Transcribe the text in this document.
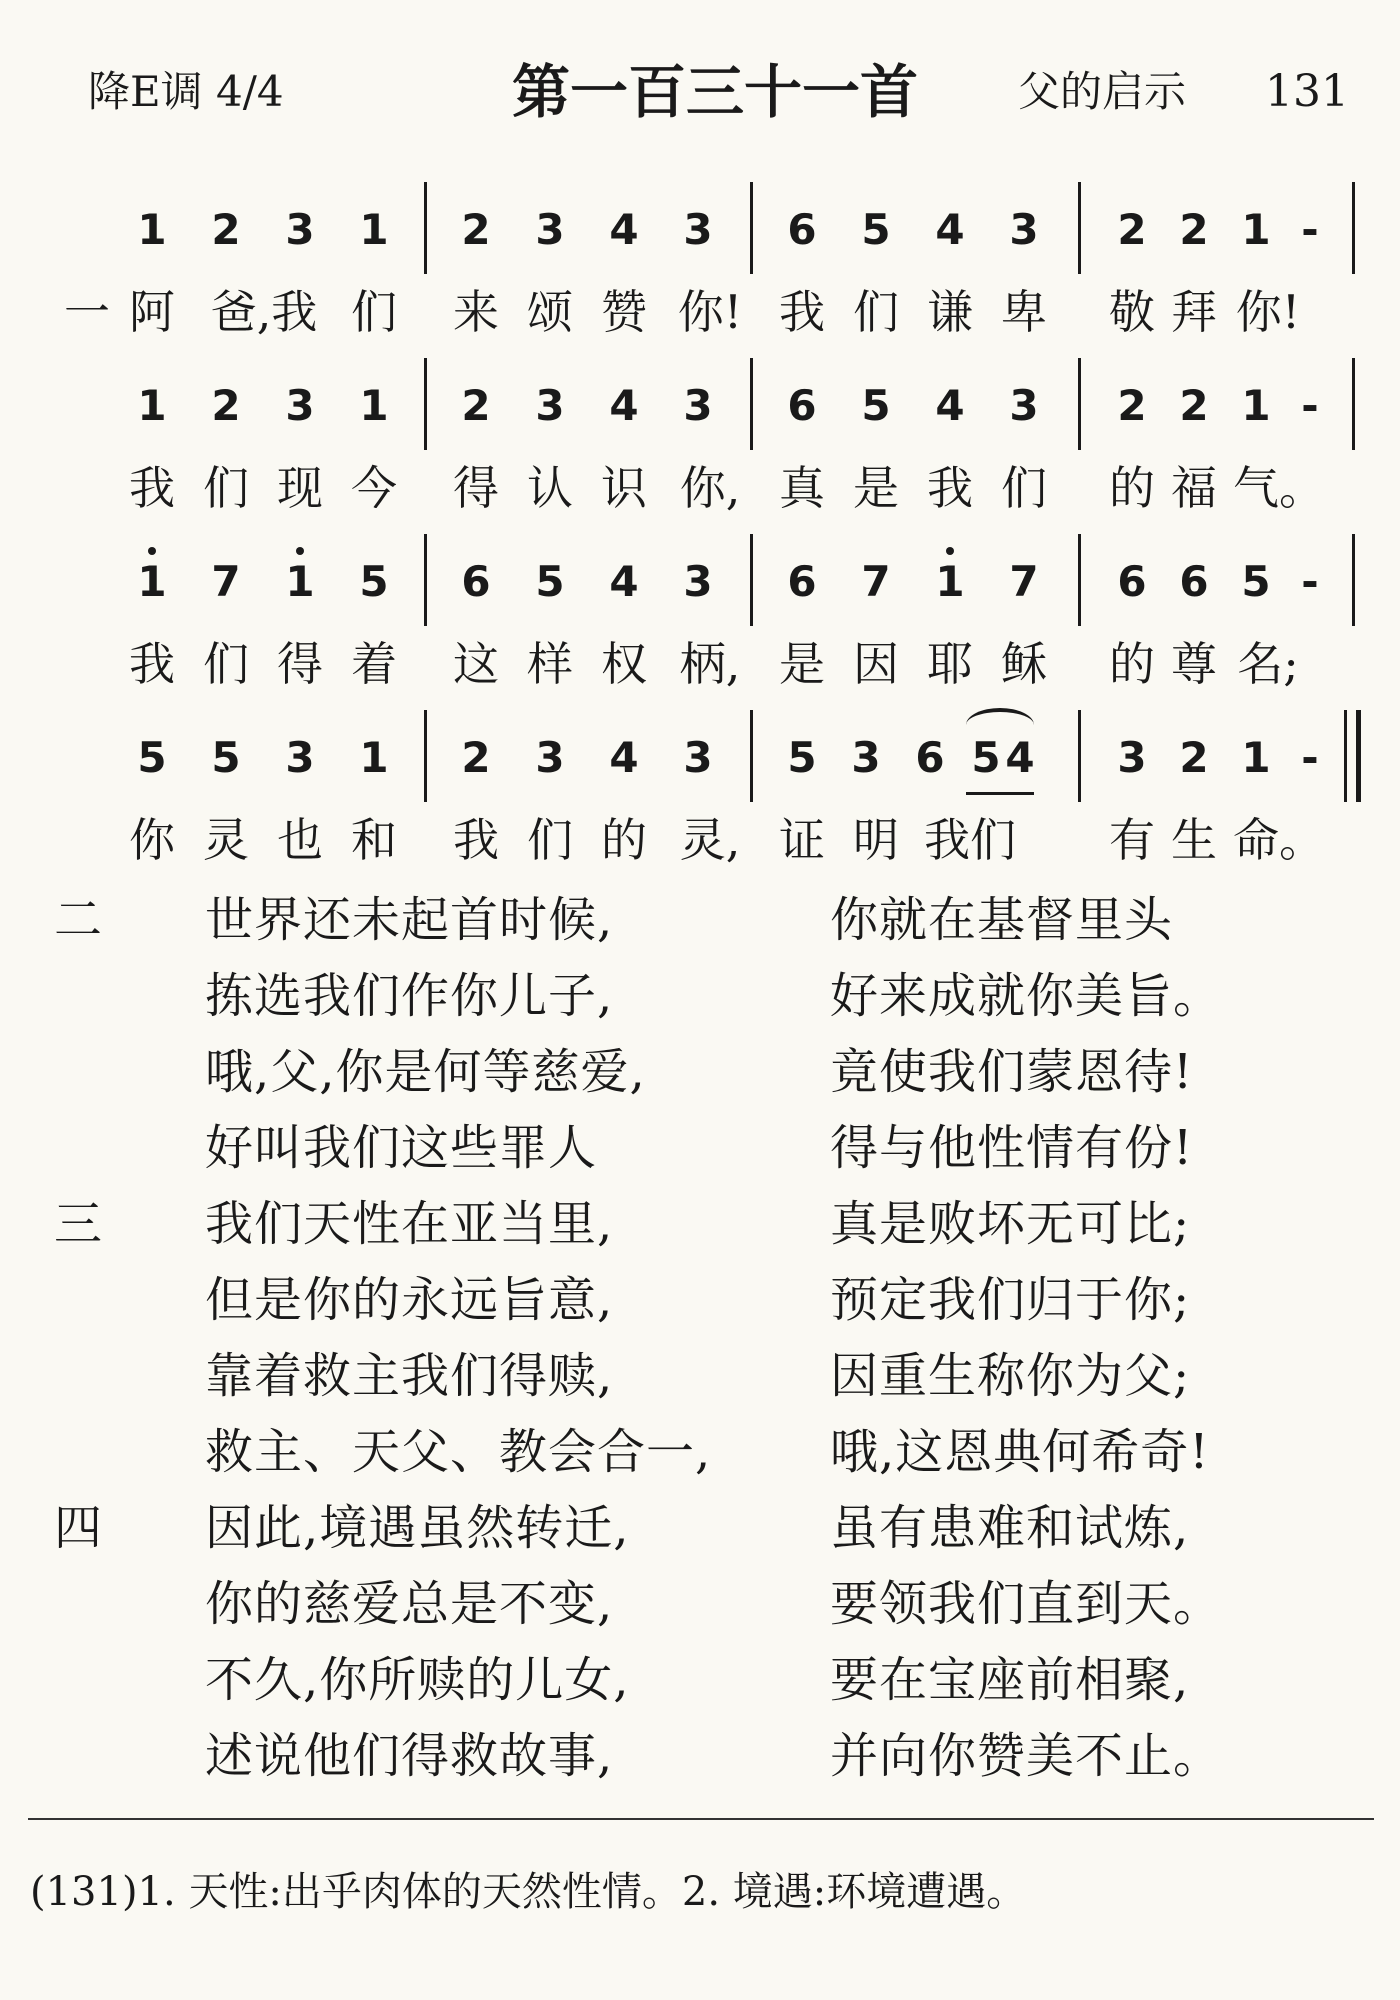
降E调 4/4	第一百三十一首 父的启示 131
1 2 3 1 2 3 4 3 6 5 4 3 2 2 1 -
一 阿 爸,我 们 来 颂 赞 你! 我 们 谦 卑 敬 拜 你!
1 2 3 1 2 3 4 3 6 5 4 3 2 2 1 -
我 们 现 今 得 认 识 你, 真 是 我 们 的 福 气。
1 7 1 5 6 5 4 3 6 7 1 7 6 6 5 -
我 们 得 着 这 样 权 柄, 是 因 耶 稣 的 尊 名;
5 5 3 1 2 3 4 3 5 3 6 5 4 3 2 1 -
你 灵 也 和 我 们 的 灵, 证 明 我们	有 生 命。
二 世界还未起首时候,	你就在基督里头
拣选我们作你儿子,	好来成就你美旨。
哦,父,你是何等慈爱,	竟使我们蒙恩待!
好叫我们这些罪人	得与他性情有份!
三 我们天性在亚当里,	真是败坏无可比;
但是你的永远旨意,	预定我们归于你;
靠着救主我们得赎,	因重生称你为父;
救主、天父、教会合一, 哦,这恩典何希奇!
四 因此,境遇虽然转迁,	虽有患难和试炼,
你的慈爱总是不变,	要领我们直到天。
不久,你所赎的儿女,	要在宝座前相聚,
述说他们得救故事,	并向你赞美不止。
(131)1. 天性:出乎肉体的天然性情。2. 境遇:环境遭遇。
